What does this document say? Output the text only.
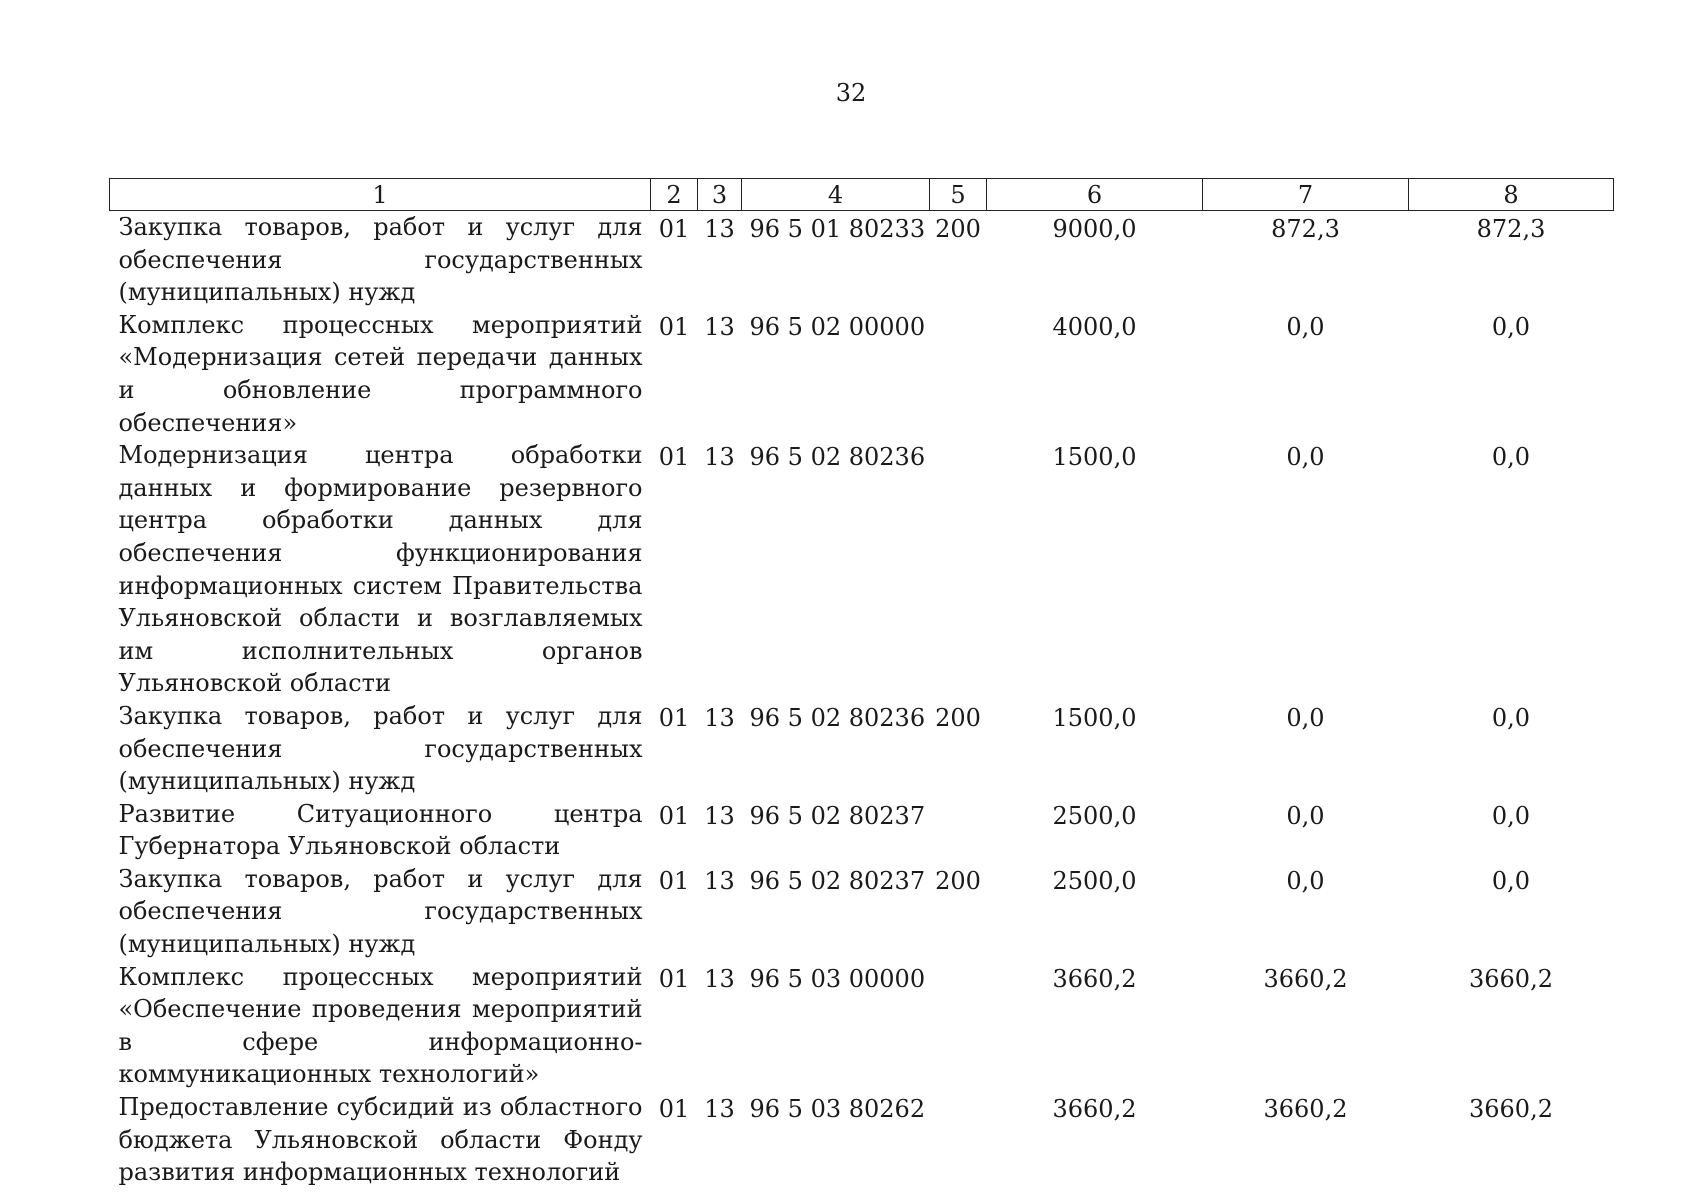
32
1	2	3	4	5	6	7	8
Закупка товаров, работ и услуг для обеспечения государственных (муниципальных) нужд	01	13	96 5 01 80233	200	9000,0	872,3	872,3
Комплекс процессных мероприятий «Модернизация сетей передачи данных и обновление программного обеспечения»	01	13	96 5 02 00000		4000,0	0,0	0,0
Модернизация центра обработки данных и формирование резервного центра обработки данных для обеспечения функционирования информационных систем Правительства Ульяновской области и возглавляемых им исполнительных органов Ульяновской области	01	13	96 5 02 80236		1500,0	0,0	0,0
Закупка товаров, работ и услуг для обеспечения государственных (муниципальных) нужд	01	13	96 5 02 80236	200	1500,0	0,0	0,0
Развитие Ситуационного центра Губернатора Ульяновской области	01	13	96 5 02 80237		2500,0	0,0	0,0
Закупка товаров, работ и услуг для обеспечения государственных (муниципальных) нужд	01	13	96 5 02 80237	200	2500,0	0,0	0,0
Комплекс процессных мероприятий «Обеспечение проведения мероприятий в сфере информационно-коммуникационных технологий»	01	13	96 5 03 00000		3660,2	3660,2	3660,2
Предоставление субсидий из областного бюджета Ульяновской области Фонду развития информационных технологий	01	13	96 5 03 80262		3660,2	3660,2	3660,2
